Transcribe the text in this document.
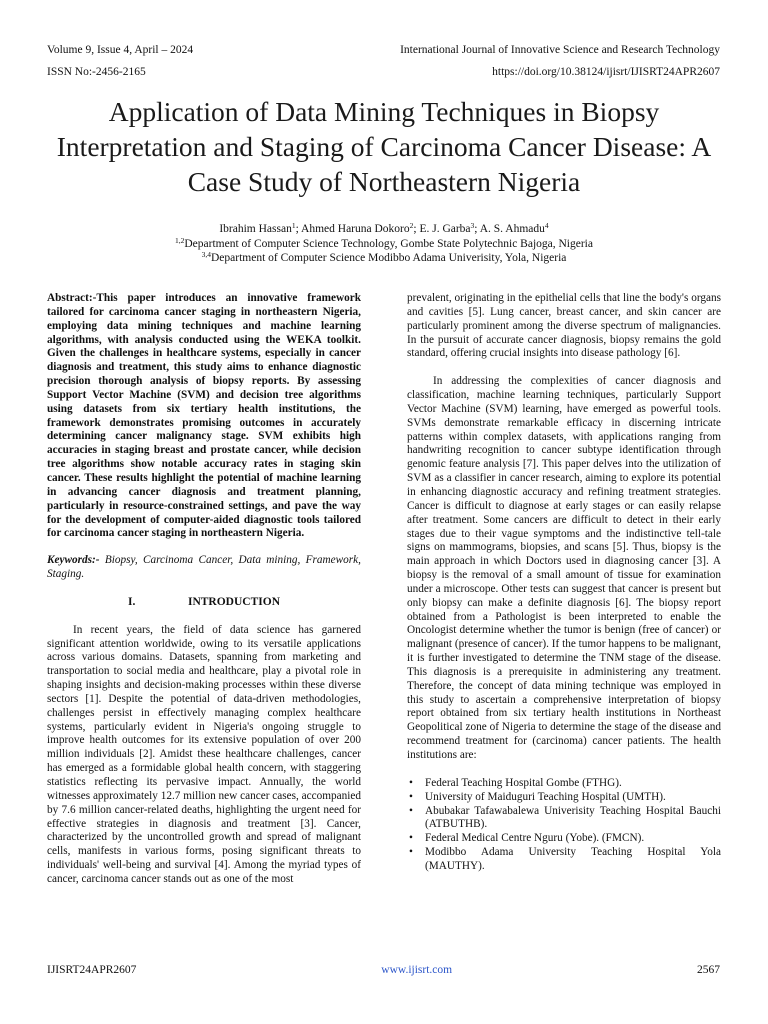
Volume 9, Issue 4, April – 2024	International Journal of Innovative Science and Research Technology
ISSN No:-2456-2165	https://doi.org/10.38124/ijisrt/IJISRT24APR2607
Application of Data Mining Techniques in Biopsy Interpretation and Staging of Carcinoma Cancer Disease: A Case Study of Northeastern Nigeria
Ibrahim Hassan$^1$; Ahmed Haruna Dokoro$^2$; E. J. Garba$^3$; A. S. Ahmadu$^4$
$^{1,2}$Department of Computer Science Technology, Gombe State Polytechnic Bajoga, Nigeria
$^{3,4}$Department of Computer Science Modibbo Adama Univerisity, Yola, Nigeria

Abstract:-This paper introduces an innovative framework tailored for carcinoma cancer staging in northeastern Nigeria, employing data mining techniques and machine learning algorithms, with analysis conducted using the WEKA toolkit. Given the challenges in healthcare systems, especially in cancer diagnosis and treatment, this study aims to enhance diagnostic precision thorough analysis of biopsy reports. By assessing Support Vector Machine (SVM) and decision tree algorithms using datasets from six tertiary health institutions, the framework demonstrates promising outcomes in accurately determining cancer malignancy stage. SVM exhibits high accuracies in staging breast and prostate cancer, while decision tree algorithms show notable accuracy rates in staging skin cancer. These results highlight the potential of machine learning in advancing cancer diagnosis and treatment planning, particularly in resource-constrained settings, and pave the way for the development of computer-aided diagnostic tools tailored for carcinoma cancer staging in northeastern Nigeria.

Keywords:- Biopsy, Carcinoma Cancer, Data mining, Framework, Staging.

I.	INTRODUCTION

In recent years, the field of data science has garnered significant attention worldwide, owing to its versatile applications across various domains. Datasets, spanning from marketing and transportation to social media and healthcare, play a pivotal role in shaping insights and decision-making processes within these diverse sectors [1]. Despite the potential of data-driven methodologies, challenges persist in effectively managing complex healthcare systems, particularly evident in Nigeria's ongoing struggle to improve health outcomes for its extensive population of over 200 million individuals [2]. Amidst these healthcare challenges, cancer has emerged as a formidable global health concern, with staggering statistics reflecting its pervasive impact. Annually, the world witnesses approximately 12.7 million new cancer cases, accompanied by 7.6 million cancer-related deaths, highlighting the urgent need for effective strategies in diagnosis and treatment [3]. Cancer, characterized by the uncontrolled growth and spread of malignant cells, manifests in various forms, posing significant threats to individuals' well-being and survival [4]. Among the myriad types of cancer, carcinoma cancer stands out as one of the most

prevalent, originating in the epithelial cells that line the body's organs and cavities [5]. Lung cancer, breast cancer, and skin cancer are particularly prominent among the diverse spectrum of malignancies. In the pursuit of accurate cancer diagnosis, biopsy remains the gold standard, offering crucial insights into disease pathology [6].

In addressing the complexities of cancer diagnosis and classification, machine learning techniques, particularly Support Vector Machine (SVM) learning, have emerged as powerful tools. SVMs demonstrate remarkable efficacy in discerning intricate patterns within complex datasets, with applications ranging from handwriting recognition to cancer subtype identification through genomic feature analysis [7]. This paper delves into the utilization of SVM as a classifier in cancer research, aiming to explore its potential in enhancing diagnostic accuracy and refining treatment strategies. Cancer is difficult to diagnose at early stages or can easily relapse after treatment. Some cancers are difficult to detect in their early stages due to their vague symptoms and the indistinctive tell-tale signs on mammograms, biopsies, and scans [5]. Thus, biopsy is the main approach in which Doctors used in diagnosing cancer [3]. A biopsy is the removal of a small amount of tissue for examination under a microscope. Other tests can suggest that cancer is present but only biopsy can make a definite diagnosis [6]. The biopsy report obtained from a Pathologist is been interpreted to enable the Oncologist determine whether the tumor is benign (free of cancer) or malignant (presence of cancer). If the tumor happens to be malignant, it is further investigated to determine the TNM stage of the disease. This diagnosis is a prerequisite in administering any treatment. Therefore, the concept of data mining technique was employed in this study to ascertain a comprehensive interpretation of biopsy report obtained from six tertiary health institutions in Northeast Geopolitical zone of Nigeria to determine the stage of the disease and recommend treatment for (carcinoma) cancer patients. The health institutions are:

• Federal Teaching Hospital Gombe (FTHG).
• University of Maiduguri Teaching Hospital (UMTH).
• Abubakar Tafawabalewa Univerisity Teaching Hospital Bauchi (ATBUTHB).
• Federal Medical Centre Nguru (Yobe). (FMCN).
• Modibbo Adama University Teaching Hospital Yola (MAUTHY).
IJISRT24APR2607	www.ijisrt.com	2567
